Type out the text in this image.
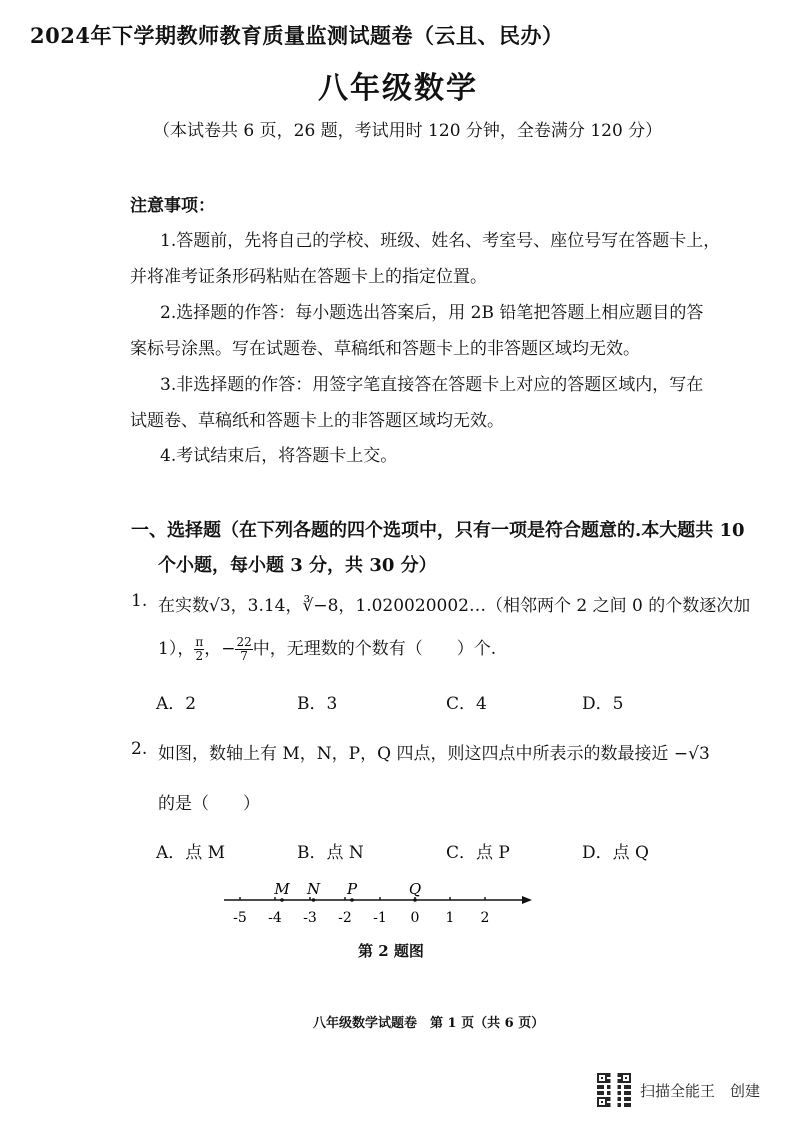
2024年下学期教师教育质量监测试题卷（云且、民办）
八年级数学
（本试卷共 6 页，26 题，考试用时 120 分钟，全卷满分 120 分）
注意事项：
1.答题前，先将自己的学校、班级、姓名、考室号、座位号写在答题卡上，
并将准考证条形码粘贴在答题卡上的指定位置。
2.选择题的作答：每小题选出答案后，用 2B 铅笔把答题上相应题目的答
案标号涂黑。写在试题卷、草稿纸和答题卡上的非答题区域均无效。
3.非选择题的作答：用签字笔直接答在答题卡上对应的答题区域内，写在
试题卷、草稿纸和答题卡上的非答题区域均无效。
4.考试结束后，将答题卡上交。
一、选择题（在下列各题的四个选项中，只有一项是符合题意的.本大题共 10
个小题，每小题 3 分，共 30 分）
1. 在实数√3，3.14，∛−8，1.020020002…（相邻两个 2 之间 0 的个数逐次加
1）， $\frac{\pi}{2}$ ，− $\frac{22}{7}$ 中，无理数的个数有（　　）个.
A．2	B．3	C．4	D．5
2. 如图，数轴上有 M，N，P，Q 四点，则这四点中所表示的数最接近 −√3
的是（　　）
A．点 M	B．点 N	C．点 P	D．点 Q
-5 -4 -3 -2 -1 0 1 2
M N P	Q
第 2 题图
八年级数学试题卷　第 1 页（共 6 页）
扫描全能王　创建
